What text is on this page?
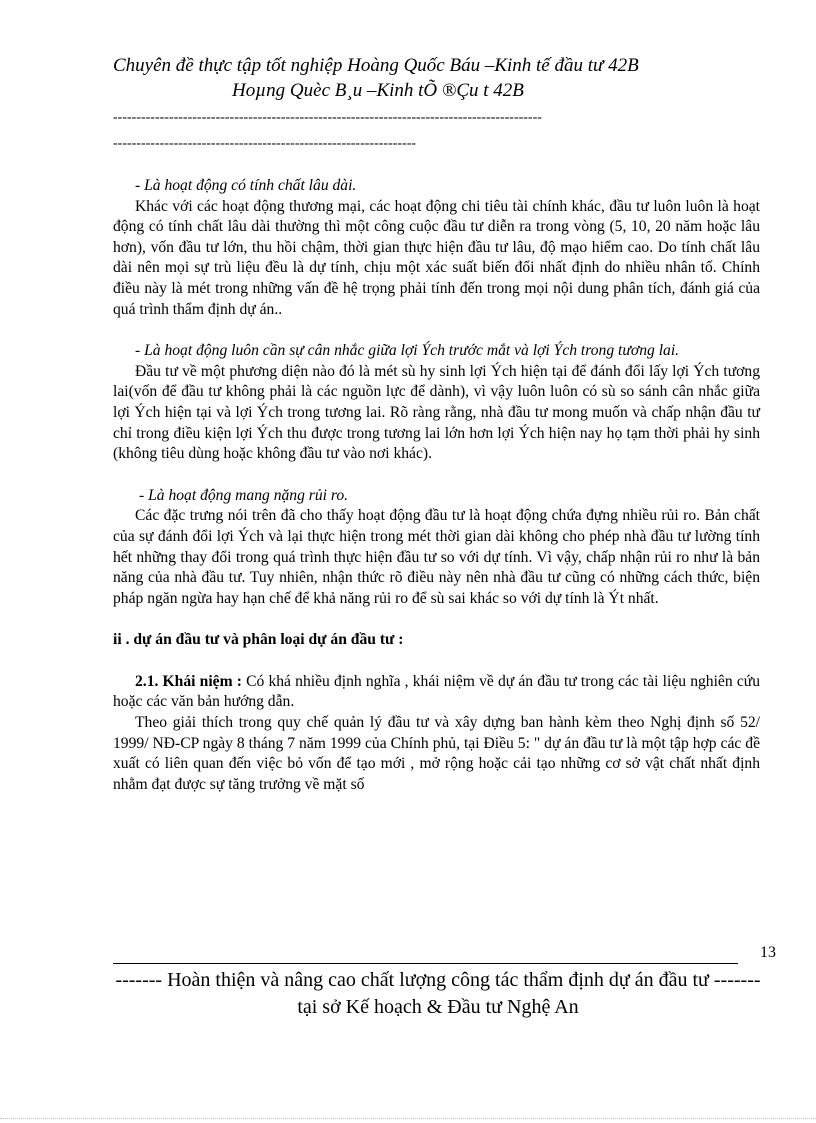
Chuyên đề thực tập tốt nghiệp Hoàng Quốc Báu –Kinh tế đầu tư 42B
Hoµng Quèc B¸u –Kinh tÕ ®Çu t 42B
--------------------------------------------------------------------------------------------
-----------------------------------------------------------------

- Là hoạt động có tính chất lâu dài.

Khác với các hoạt động thương mại, các hoạt động chi tiêu tài chính khác, đầu tư luôn luôn là hoạt động có tính chất lâu dài thường thì một công cuộc đầu tư diễn ra trong vòng (5, 10, 20 năm hoặc lâu hơn), vốn đầu tư lớn, thu hồi chậm, thời gian thực hiện đầu tư lâu, độ mạo hiểm cao. Do tính chất lâu dài nên mọi sự trù liệu đều là dự tính, chịu một xác suất biến đổi nhất định do nhiều nhân tố. Chính điều này là mét trong những vấn đề hệ trọng phải tính đến trong mọi nội dung phân tích, đánh giá của quá trình thẩm định dự án..

- Là hoạt động luôn cần sự cân nhắc giữa lợi Ých trước mắt và lợi Ých trong tương lai.

Đầu tư về một phương diện nào đó là mét sù hy sinh lợi Ých hiện tại để đánh đổi lấy lợi Ých tương lai(vốn để đầu tư không phải là các nguồn lực để dành), vì vậy luôn luôn có sù so sánh cân nhắc giữa lợi Ých hiện tại và lợi Ých trong tương lai. Rõ ràng rằng, nhà đầu tư mong muốn và chấp nhận đầu tư chỉ trong điều kiện lợi Ých thu được trong tương lai lớn hơn lợi Ých hiện nay họ tạm thời phải hy sinh (không tiêu dùng hoặc không đầu tư vào nơi khác).

- Là hoạt động mang nặng rủi ro.

Các đặc trưng nói trên đã cho thấy hoạt động đầu tư là hoạt động chứa đựng nhiều rủi ro. Bản chất của sự đánh đổi lợi Ých và lại thực hiện trong mét thời gian dài không cho phép nhà đầu tư lường tính hết những thay đổi trong quá trình thực hiện đầu tư so với dự tính. Vì vậy, chấp nhận rủi ro như là bản năng của nhà đầu tư. Tuy nhiên, nhận thức rõ điều này nên nhà đầu tư cũng có những cách thức, biện pháp ngăn ngừa hay hạn chế để khả năng rủi ro để sù sai khác so với dự tính là Ýt nhất.

ii . dự án đầu tư và phân loại dự án đầu tư :

2.1. Khái niệm : Có khá nhiều định nghĩa , khái niệm về dự án đầu tư trong các tài liệu nghiên cứu hoặc các văn bản hướng dẫn.

Theo giải thích trong quy chế quản lý đầu tư và xây dựng ban hành kèm theo Nghị định số 52/ 1999/ NĐ-CP ngày 8 tháng 7 năm 1999 của Chính phủ, tại Điều 5: " dự án đầu tư là một tập hợp các đề xuất có liên quan đến việc bỏ vốn để tạo mới , mở rộng hoặc cải tạo những cơ sở vật chất nhất định nhằm đạt được sự tăng trưởng về mặt số

13
------- Hoàn thiện và nâng cao chất lượng công tác thẩm định dự án đầu tư -------
tại sở Kế hoạch & Đầu tư Nghệ An
